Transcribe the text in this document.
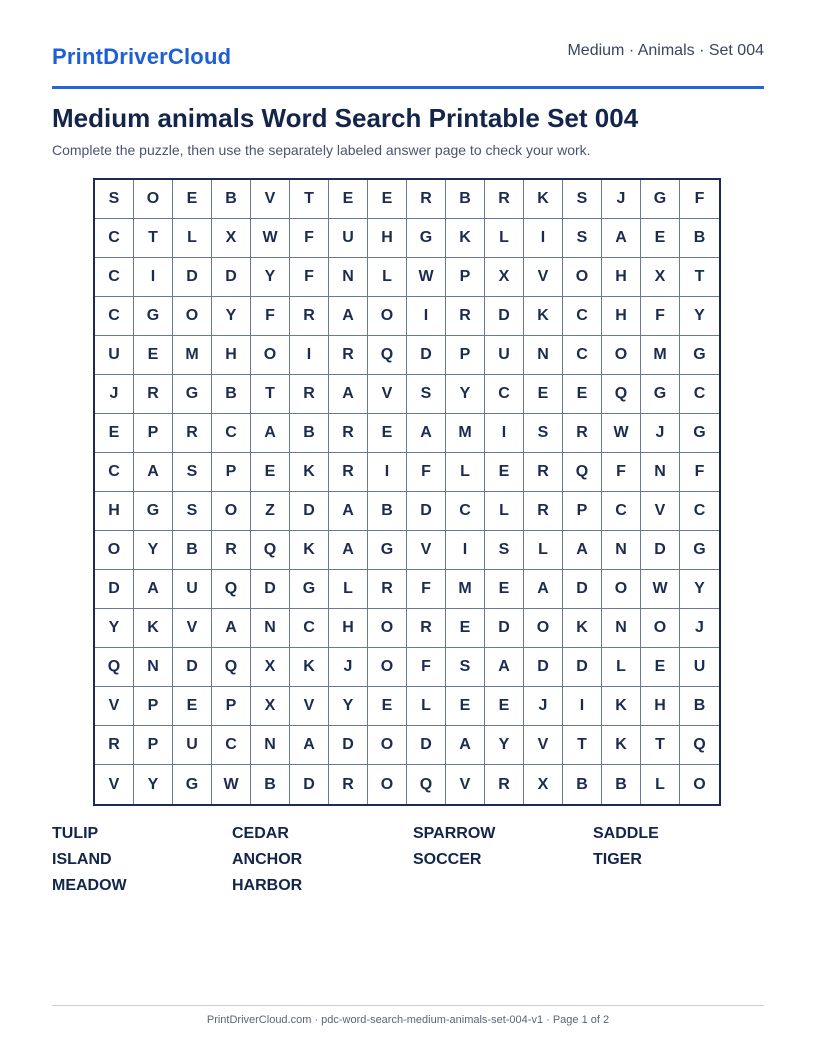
PrintDriverCloud	Medium · Animals · Set 004
Medium animals Word Search Printable Set 004
Complete the puzzle, then use the separately labeled answer page to check your work.
S	O	E	B	V	T	E	E	R	B	R	K	S	J	G	F
C	T	L	X	W	F	U	H	G	K	L	I	S	A	E	B
C	I	D	D	Y	F	N	L	W	P	X	V	O	H	X	T
C	G	O	Y	F	R	A	O	I	R	D	K	C	H	F	Y
U	E	M	H	O	I	R	Q	D	P	U	N	C	O	M	G
J	R	G	B	T	R	A	V	S	Y	C	E	E	Q	G	C
E	P	R	C	A	B	R	E	A	M	I	S	R	W	J	G
C	A	S	P	E	K	R	I	F	L	E	R	Q	F	N	F
H	G	S	O	Z	D	A	B	D	C	L	R	P	C	V	C
O	Y	B	R	Q	K	A	G	V	I	S	L	A	N	D	G
D	A	U	Q	D	G	L	R	F	M	E	A	D	O	W	Y
Y	K	V	A	N	C	H	O	R	E	D	O	K	N	O	J
Q	N	D	Q	X	K	J	O	F	S	A	D	D	L	E	U
V	P	E	P	X	V	Y	E	L	E	E	J	I	K	H	B
R	P	U	C	N	A	D	O	D	A	Y	V	T	K	T	Q
V	Y	G	W	B	D	R	O	Q	V	R	X	B	B	L	O
TULIP	CEDAR	SPARROW	SADDLE
ISLAND	ANCHOR	SOCCER	TIGER
MEADOW	HARBOR
PrintDriverCloud.com · pdc-word-search-medium-animals-set-004-v1 · Page 1 of 2
